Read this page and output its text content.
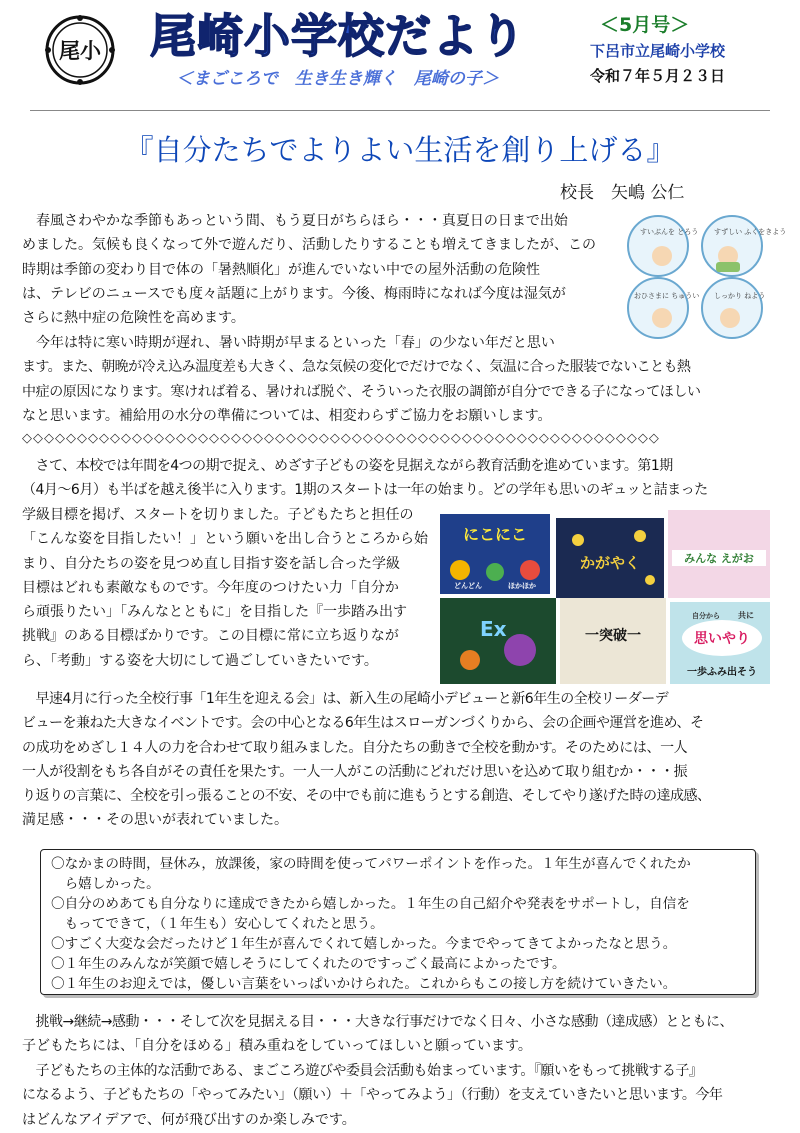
尾小 尾崎小学校だより
＜まごころで　生き生き輝く　尾崎の子＞
＜5月号＞
下呂市立尾崎小学校
令和７年５月２３日
『自分たちでよりよい生活を創り上げる』
校長　矢嶋 公仁
　春風さわやかな季節もあっという間、もう夏日がちらほら・・・真夏日の日まで出始
めました。気候も良くなって外で遊んだり、活動したりすることも増えてきましたが、この
時期は季節の変わり目で体の「暑熱順化」が進んでいない中での屋外活動の危険性
は、テレビのニュースでも度々話題に上がります。今後、梅雨時になれば今度は湿気が
さらに熱中症の危険性を高めます。
すいぶんを とろう すずしい ふくをきよう
おひさまに ちゅうい しっかり ねよう
　今年は特に寒い時期が遅れ、暑い時期が早まるといった「春」の少ない年だと思い
ます。また、朝晩が冷え込み温度差も大きく、急な気候の変化でだけでなく、気温に合った服装でないことも熱
中症の原因になります。寒ければ着る、暑ければ脱ぐ、そういった衣服の調節が自分でできる子になってほしい
なと思います。補給用の水分の準備については、相変わらずご協力をお願いします。
◇◇◇◇◇◇◇◇◇◇◇◇◇◇◇◇◇◇◇◇◇◇◇◇◇◇◇◇◇◇◇◇◇◇◇◇◇◇◇◇◇◇◇◇◇◇◇◇◇◇◇◇◇◇◇◇◇◇
　さて、本校では年間を4つの期で捉え、めざす子どもの姿を見据えながら教育活動を進めています。第1期
（4月～6月）も半ばを越え後半に入ります。1期のスタートは一年の始まり。どの学年も思いのギュッと詰まった
学級目標を掲げ、スタートを切りました。子どもたちと担任の
「こんな姿を目指したい！」という願いを出し合うところから始
まり、自分たちの姿を見つめ直し目指す姿を話し合った学級
目標はどれも素敵なものです。今年度のつけたい力「自分か
ら頑張りたい」「みんなとともに」を目指した『一歩踏み出す
挑戦』のある目標ばかりです。この目標に常に立ち返りなが
ら、「考動」する姿を大切にして過ごしていきたいです。
にこにこ
どんどん	ほかほか
かがやく	みんな えがお
Ex	一突破一
自分から 共に
思いやり
一歩ふみ出そう
　早速4月に行った全校行事「1年生を迎える会」は、新入生の尾崎小デビューと新6年生の全校リーダーデ
ビューを兼ねた大きなイベントです。会の中心となる6年生はスローガンづくりから、会の企画や運営を進め、そ
の成功をめざし１４人の力を合わせて取り組みました。自分たちの動きで全校を動かす。そのためには、一人
一人が役割をもち各自がその責任を果たす。一人一人がこの活動にどれだけ思いを込めて取り組むか・・・振
り返りの言葉に、全校を引っ張ることの不安、その中でも前に進もうとする創造、そしてやり遂げた時の達成感、
満足感・・・その思いが表れていました。
〇なかまの時間，昼休み，放課後，家の時間を使ってパワーポイントを作った。１年生が喜んでくれたか
　ら嬉しかった。
〇自分のめあても自分なりに達成できたから嬉しかった。１年生の自己紹介や発表をサポートし，自信を
　もってできて，（１年生も）安心してくれたと思う。
〇すごく大変な会だったけど１年生が喜んでくれて嬉しかった。今までやってきてよかったなと思う。
〇１年生のみんなが笑顔で嬉しそうにしてくれたのですっごく最高によかったです。
〇１年生のお迎えでは，優しい言葉をいっぱいかけられた。これからもこの接し方を続けていきたい。
　挑戦→継続→感動・・・そして次を見据える目・・・大きな行事だけでなく日々、小さな感動（達成感）とともに、
子どもたちには、「自分をほめる」積み重ねをしていってほしいと願っています。
　子どもたちの主体的な活動である、まごころ遊びや委員会活動も始まっています。『願いをもって挑戦する子』
になるよう、子どもたちの「やってみたい」（願い）＋「やってみよう」（行動）を支えていきたいと思います。今年
はどんなアイデアで、何が飛び出すのか楽しみです。
